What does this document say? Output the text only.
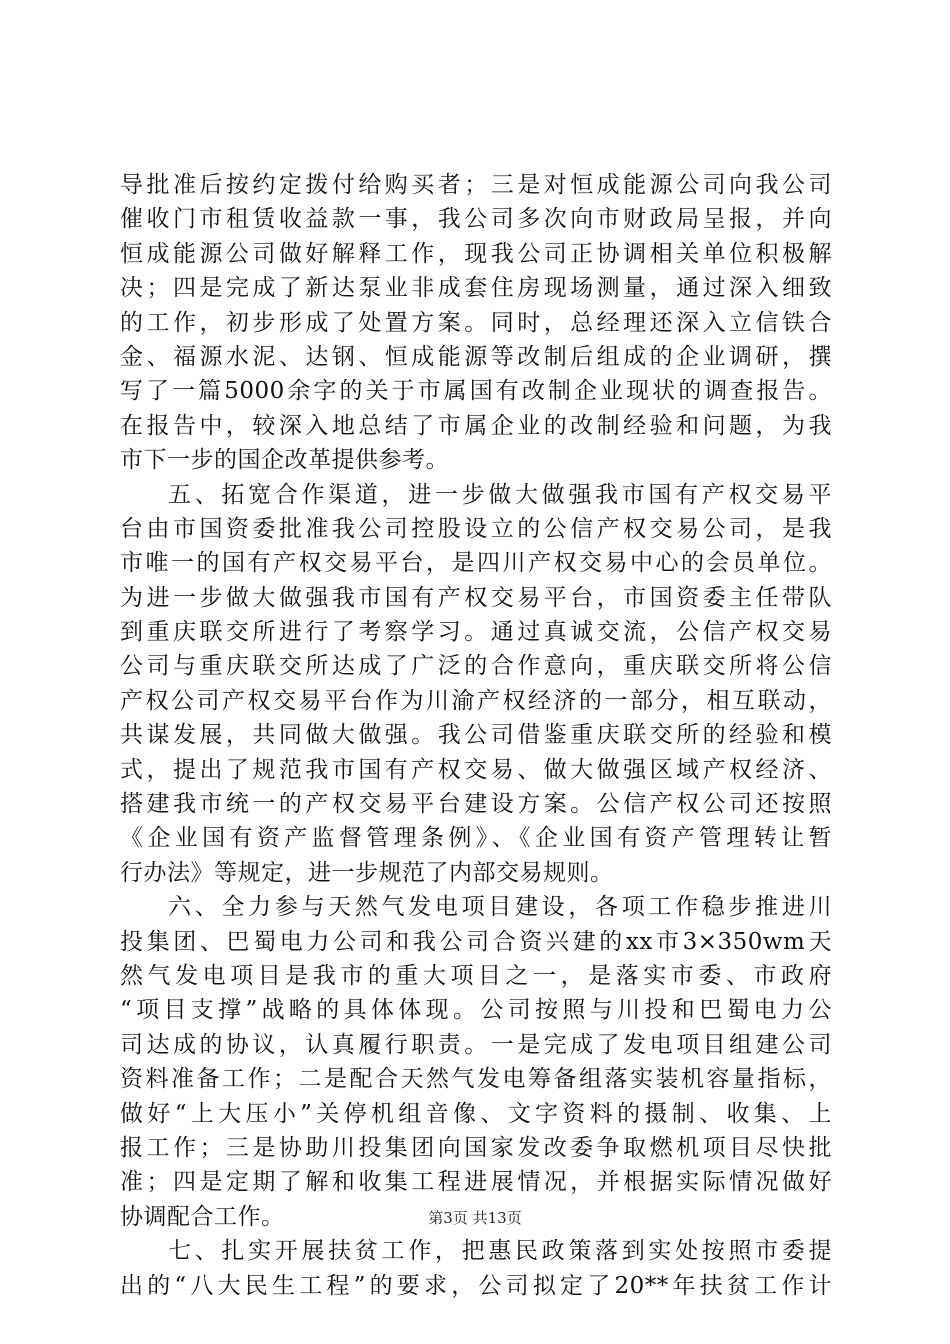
导批准后按约定拨付给购买者；三是对恒成能源公司向我公司
催收门市租赁收益款一事，我公司多次向市财政局呈报，并向
恒成能源公司做好解释工作，现我公司正协调相关单位积极解
决；四是完成了新达泵业非成套住房现场测量，通过深入细致
的工作，初步形成了处置方案。同时，总经理还深入立信铁合
金、福源水泥、达钢、恒成能源等改制后组成的企业调研，撰
写了一篇5000余字的关于市属国有改制企业现状的调查报告。
在报告中，较深入地总结了市属企业的改制经验和问题，为我
市下一步的国企改革提供参考。
五、拓宽合作渠道，进一步做大做强我市国有产权交易平
台由市国资委批准我公司控股设立的公信产权交易公司，是我
市唯一的国有产权交易平台，是四川产权交易中心的会员单位。
为进一步做大做强我市国有产权交易平台，市国资委主任带队
到重庆联交所进行了考察学习。通过真诚交流，公信产权交易
公司与重庆联交所达成了广泛的合作意向，重庆联交所将公信
产权公司产权交易平台作为川渝产权经济的一部分，相互联动，
共谋发展，共同做大做强。我公司借鉴重庆联交所的经验和模
式，提出了规范我市国有产权交易、做大做强区域产权经济、
搭建我市统一的产权交易平台建设方案。公信产权公司还按照
《企业国有资产监督管理条例》、《企业国有资产管理转让暂
行办法》等规定，进一步规范了内部交易规则。
六、全力参与天然气发电项目建设，各项工作稳步推进川
投集团、巴蜀电力公司和我公司合资兴建的xx市3×350wm天
然气发电项目是我市的重大项目之一，是落实市委、市政府
“项目支撑”战略的具体体现。公司按照与川投和巴蜀电力公
司达成的协议，认真履行职责。一是完成了发电项目组建公司
资料准备工作；二是配合天然气发电筹备组落实装机容量指标，
做好“上大压小”关停机组音像、文字资料的摄制、收集、上
报工作；三是协助川投集团向国家发改委争取燃机项目尽快批
准；四是定期了解和收集工程进展情况，并根据实际情况做好
协调配合工作。
七、扎实开展扶贫工作，把惠民政策落到实处按照市委提
出的“八大民生工程”的要求，公司拟定了20**年扶贫工作计
第3页 共13页
